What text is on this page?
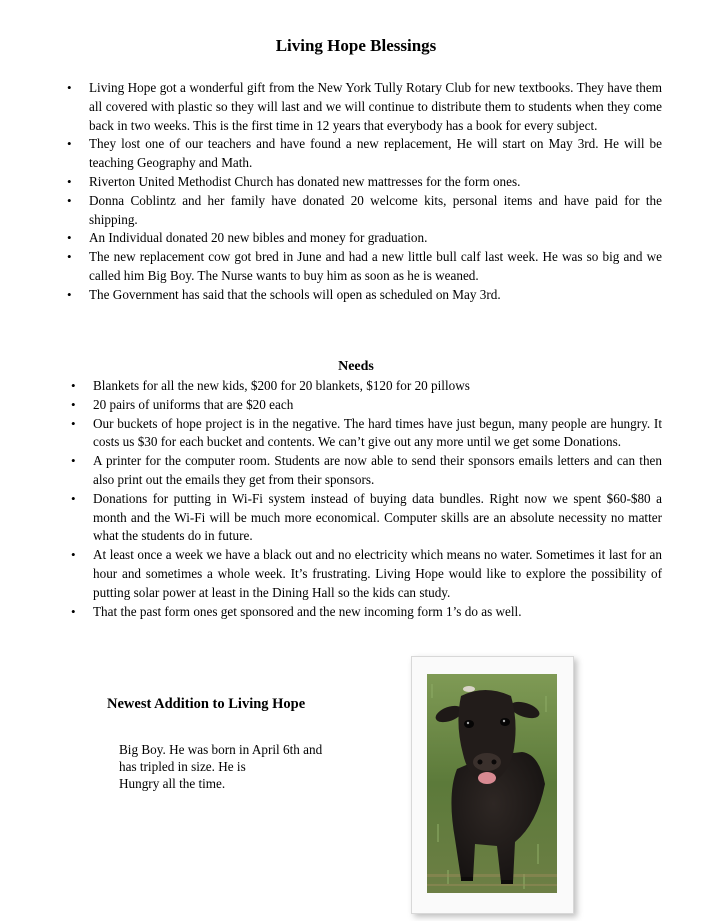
Living Hope Blessings
• Living Hope got a wonderful gift from the New York Tully Rotary Club for new textbooks. They have them all covered with plastic so they will last and we will continue to distribute them to students when they come back in two weeks. This is the first time in 12 years that everybody has a book for every subject.
• They lost one of our teachers and have found a new replacement, He will start on May 3rd. He will be teaching Geography and Math.
• Riverton United Methodist Church has donated new mattresses for the form ones.
• Donna Coblintz and her family have donated 20 welcome kits, personal items and have paid for the shipping.
• An Individual donated 20 new bibles and money for graduation.
• The new replacement cow got bred in June and had a new little bull calf last week. He was so big and we called him Big Boy. The Nurse wants to buy him as soon as he is weaned.
• The Government has said that the schools will open as scheduled on May 3rd.
Needs
• Blankets for all the new kids, $200 for 20 blankets, $120 for 20 pillows
• 20 pairs of uniforms that are $20 each
• Our buckets of hope project is in the negative. The hard times have just begun, many people are hungry. It costs us $30 for each bucket and contents. We can’t give out any more until we get some Donations.
• A printer for the computer room. Students are now able to send their sponsors emails letters and can then also print out the emails they get from their sponsors.
• Donations for putting in Wi-Fi system instead of buying data bundles. Right now we spent $60-$80 a month and the Wi-Fi will be much more economical. Computer skills are an absolute necessity no matter what the students do in future.
• At least once a week we have a black out and no electricity which means no water. Sometimes it last for an hour and sometimes a whole week. It’s frustrating. Living Hope would like to explore the possibility of putting solar power at least in the Dining Hall so the kids can study.
• That the past form ones get sponsored and the new incoming form 1’s do as well.
Newest Addition to Living Hope
Big Boy. He was born in April 6th and
has tripled in size. He is
Hungry all the time.
